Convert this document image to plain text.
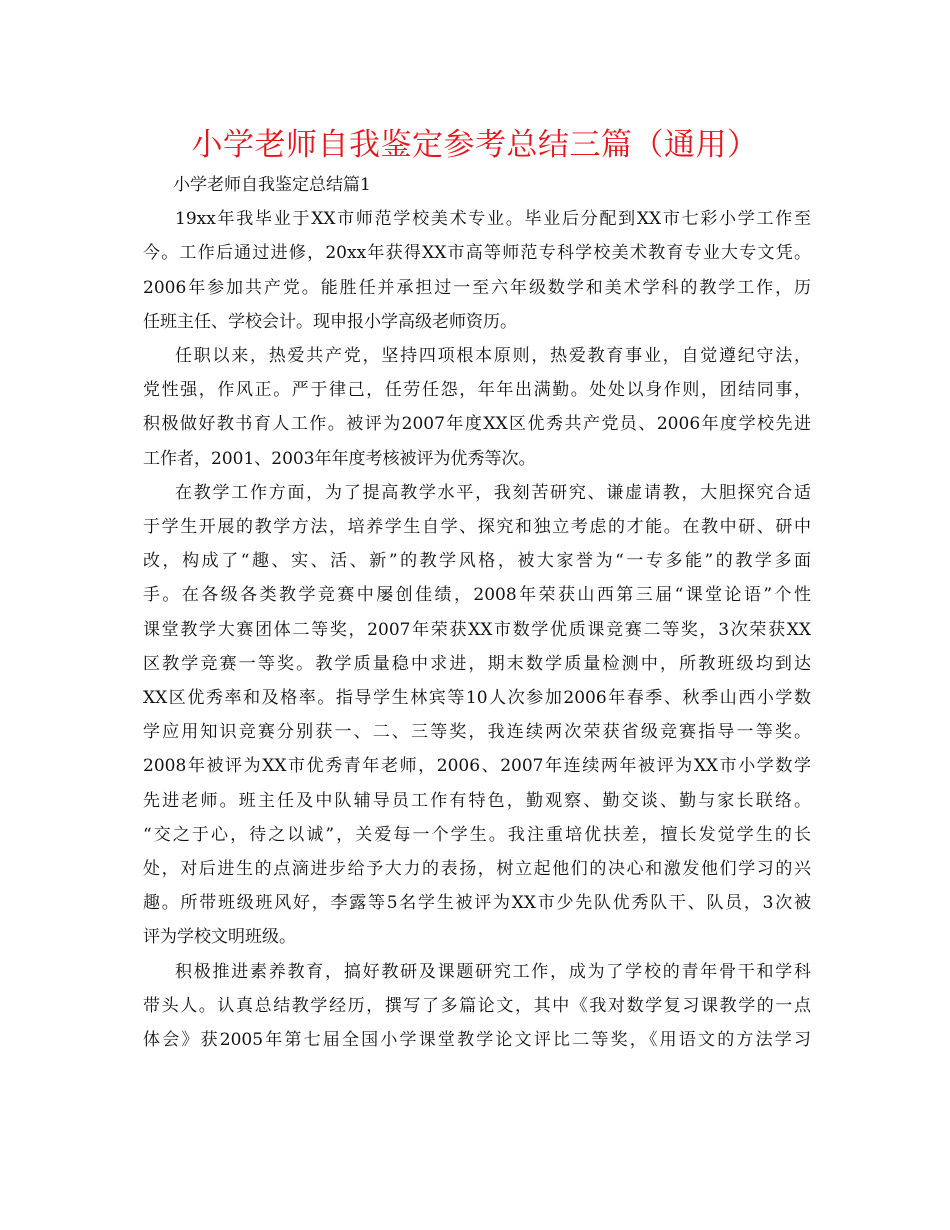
小学老师自我鉴定参考总结三篇（通用）

小学老师自我鉴定总结篇1

19xx年我毕业于XX市师范学校美术专业。毕业后分配到XX市七彩小学工作至
今。工作后通过进修，20xx年获得XX市高等师范专科学校美术教育专业大专文凭。
2006年参加共产党。能胜任并承担过一至六年级数学和美术学科的教学工作，历
任班主任、学校会计。现申报小学高级老师资历。
任职以来，热爱共产党，坚持四项根本原则，热爱教育事业，自觉遵纪守法，
党性强，作风正。严于律己，任劳任怨，年年出满勤。处处以身作则，团结同事，
积极做好教书育人工作。被评为2007年度XX区优秀共产党员、2006年度学校先进
工作者，2001、2003年年度考核被评为优秀等次。
在教学工作方面，为了提高教学水平，我刻苦研究、谦虚请教，大胆探究合适
于学生开展的教学方法，培养学生自学、探究和独立考虑的才能。在教中研、研中
改，构成了“趣、实、活、新”的教学风格，被大家誉为“一专多能”的教学多面
手。在各级各类教学竞赛中屡创佳绩，2008年荣获山西第三届“课堂论语”个性
课堂教学大赛团体二等奖，2007年荣获XX市数学优质课竞赛二等奖，3次荣获XX
区教学竞赛一等奖。教学质量稳中求进，期末数学质量检测中，所教班级均到达
XX区优秀率和及格率。指导学生林宾等10人次参加2006年春季、秋季山西小学数
学应用知识竞赛分别获一、二、三等奖，我连续两次荣获省级竞赛指导一等奖。
2008年被评为XX市优秀青年老师，2006、2007年连续两年被评为XX市小学数学
先进老师。班主任及中队辅导员工作有特色，勤观察、勤交谈、勤与家长联络。
“交之于心，待之以诚”，关爱每一个学生。我注重培优扶差，擅长发觉学生的长
处，对后进生的点滴进步给予大力的表扬，树立起他们的决心和激发他们学习的兴
趣。所带班级班风好，李露等5名学生被评为XX市少先队优秀队干、队员，3次被
评为学校文明班级。
积极推进素养教育，搞好教研及课题研究工作，成为了学校的青年骨干和学科
带头人。认真总结教学经历，撰写了多篇论文，其中《我对数学复习课教学的一点
体会》获2005年第七届全国小学课堂教学论文评比二等奖，《用语文的方法学习
